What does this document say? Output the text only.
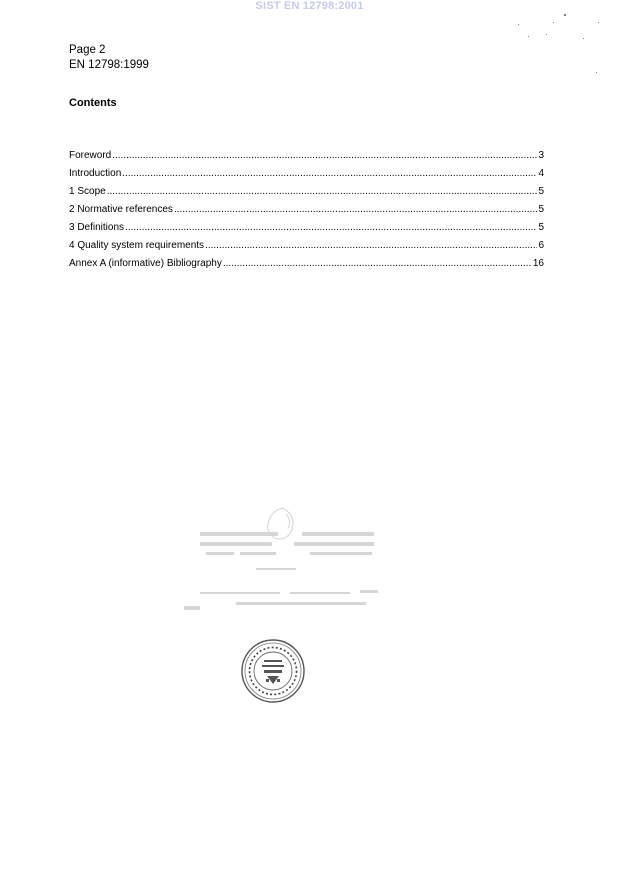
SIST EN 12798:2001
Page 2
EN 12798:1999
Contents
Foreword .....	3
Introduction .....	4
1 Scope .....	5
2 Normative references .....	5
3 Definitions .....	5
4 Quality system requirements .....	6
Annex A (informative) Bibliography .....	16
